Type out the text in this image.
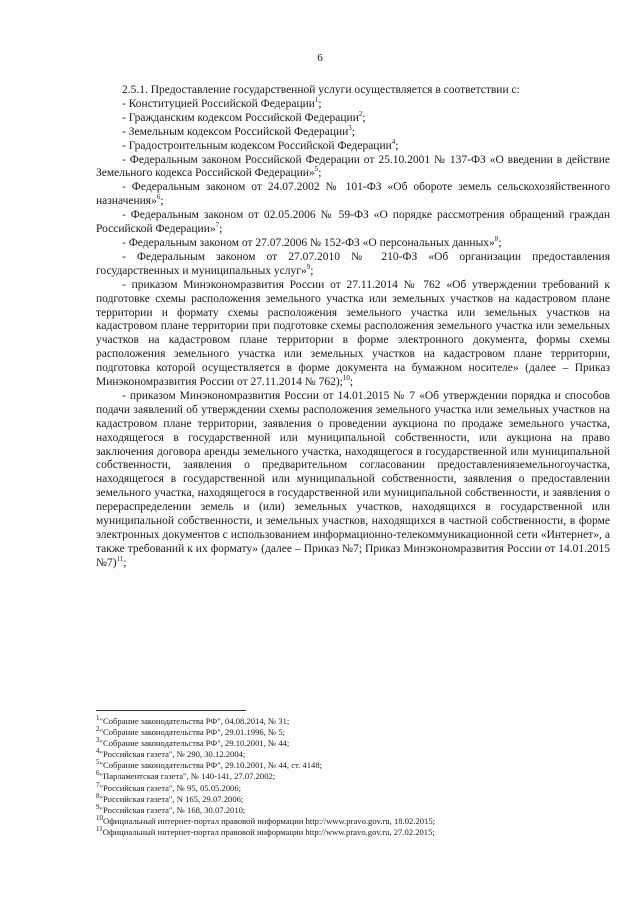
6

2.5.1. Предоставление государственной услуги осуществляется в соответствии с:

- Конституцией Российской Федерации$^1$;

- Гражданским кодексом Российской Федерации$^2$;

- Земельным кодексом Российской Федерации$^3$;

- Градостроительным кодексом Российской Федерации$^4$;

- Федеральным законом Российской Федерации от 25.10.2001 № 137-ФЗ «О введении в действие Земельного кодекса Российской Федерации»$^5$;

- Федеральным законом от 24.07.2002 № 101-ФЗ «Об обороте земель сельскохозяйственного назначения»$^6$;

- Федеральным законом от 02.05.2006 № 59-ФЗ «О порядке рассмотрения обращений граждан Российской Федерации»$^7$;

- Федеральным законом от 27.07.2006 № 152-ФЗ «О персональных данных»$^8$;

- Федеральным законом от 27.07.2010 № 210-ФЗ «Об организации предоставления государственных и муниципальных услуг»$^9$;

- приказом Минэкономразвития России от 27.11.2014 № 762 «Об утверждении требований к подготовке схемы расположения земельного участка или земельных участков на кадастровом плане территории и формату схемы расположения земельного участка или земельных участков на кадастровом плане территории при подготовке схемы расположения земельного участка или земельных участков на кадастровом плане территории в форме электронного документа, формы схемы расположения земельного участка или земельных участков на кадастровом плане территории, подготовка которой осуществляется в форме документа на бумажном носителе» (далее – Приказ Минэкономразвития России от 27.11.2014 № 762);$^{10}$;

- приказом Минэкономразвития России от 14.01.2015 № 7 «Об утверждении порядка и способов подачи заявлений об утверждении схемы расположения земельного участка или земельных участков на кадастровом плане территории, заявления о проведении аукциона по продаже земельного участка, находящегося в государственной или муниципальной собственности, или аукциона на право заключения договора аренды земельного участка, находящегося в государственной или муниципальной собственности, заявления о предварительном согласовании предоставленияземельногоучастка, находящегося в государственной или муниципальной собственности, заявления о предоставлении земельного участка, находящегося в государственной или муниципальной собственности, и заявления о перераспределении земель и (или) земельных участков, находящихся в государственной или муниципальной собственности, и земельных участков, находящихся в частной собственности, в форме электронных документов с использованием информационно-телекоммуникационной сети «Интернет», а также требований к их формату» (далее – Приказ №7; Приказ Минэкономразвития России от 14.01.2015 №7)$^{11}$;

$^1$"Собрание законодательства РФ", 04.08.2014, № 31;
$^2$"Собрание законодательства РФ", 29.01.1996, № 5;
$^3$"Собрание законодательства РФ", 29.10.2001, № 44;
$^4$"Российская газета", № 290, 30.12.2004;
$^5$"Собрание законодательства РФ", 29.10.2001, № 44, ст. 4148;
$^6$"Парламентская газета", № 140-141, 27.07.2002;
$^7$"Российская газета", № 95, 05.05.2006;
$^8$"Российская газета", N 165, 29.07.2006;
$^9$"Российская газета", № 168, 30.07.2010;
$^{10}$Официальный интернет-портал правовой информации http://www.pravo.gov.ru, 18.02.2015;
$^{11}$Официальный интернет-портал правовой информации http://www.pravo.gov.ru, 27.02.2015;
